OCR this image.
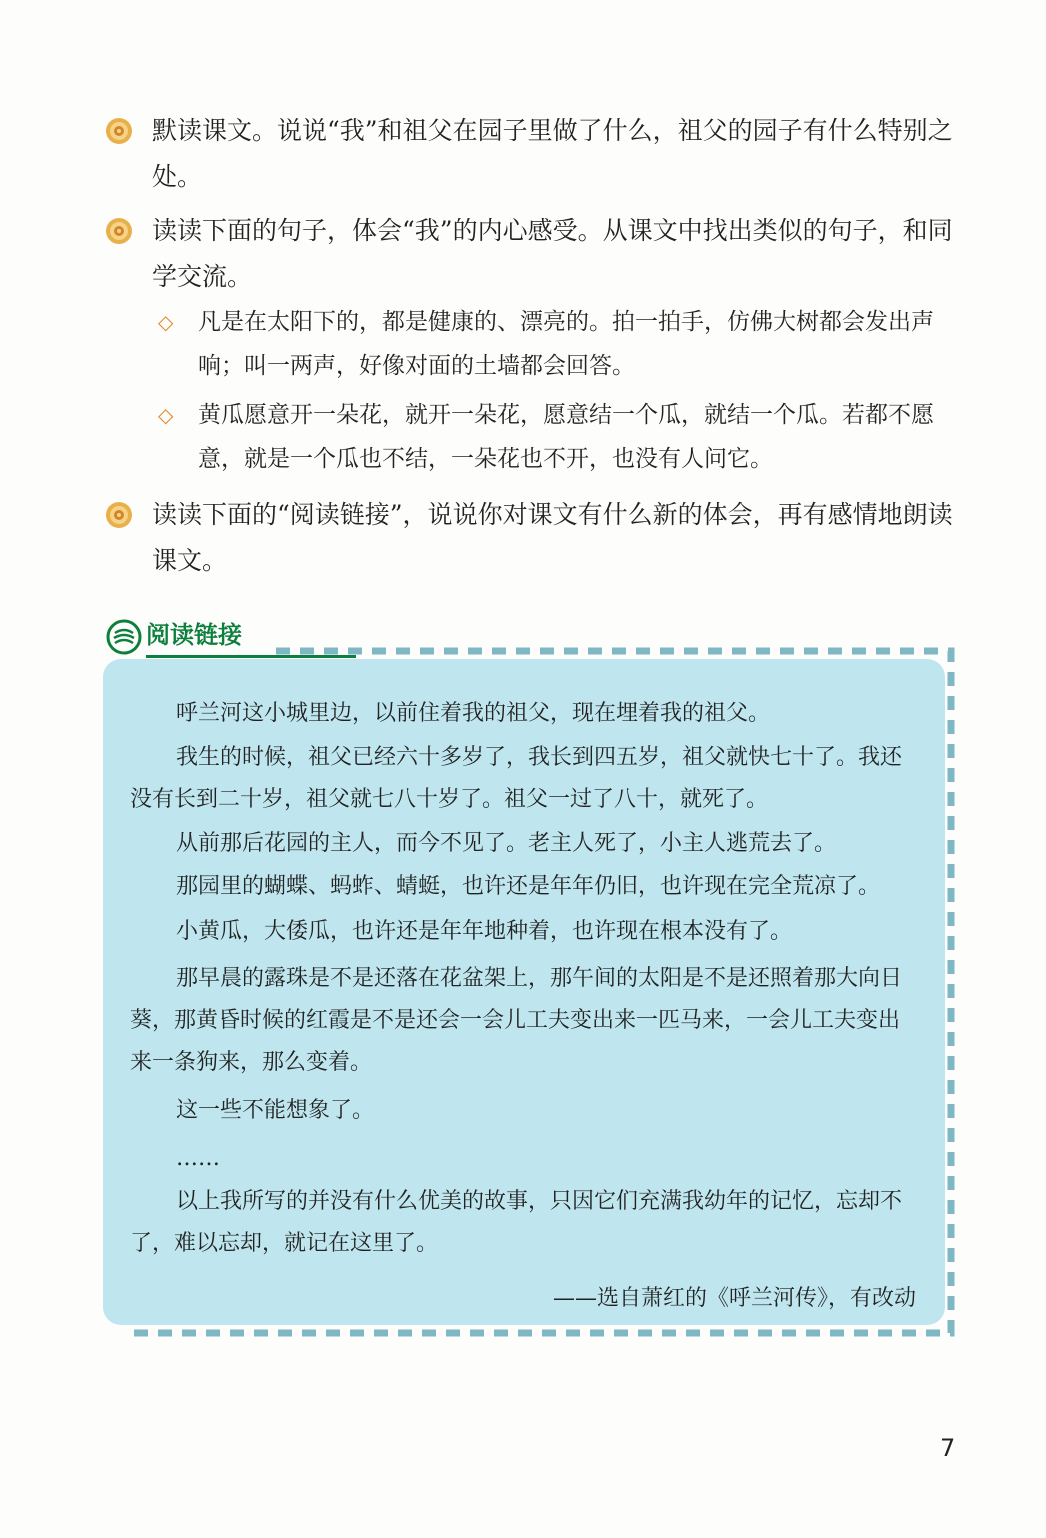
默读课文。说说“我”和祖父在园子里做了什么，祖父的园子有什么特别之处。
读读下面的句子，体会“我”的内心感受。从课文中找出类似的句子，和同学交流。
◇ 凡是在太阳下的，都是健康的、漂亮的。拍一拍手，仿佛大树都会发出声响；叫一两声，好像对面的土墙都会回答。
◇ 黄瓜愿意开一朵花，就开一朵花，愿意结一个瓜，就结一个瓜。若都不愿意，就是一个瓜也不结，一朵花也不开，也没有人问它。
读读下面的“阅读链接”，说说你对课文有什么新的体会，再有感情地朗读课文。
阅读链接
呼兰河这小城里边，以前住着我的祖父，现在埋着我的祖父。
我生的时候，祖父已经六十多岁了，我长到四五岁，祖父就快七十了。我还没有长到二十岁，祖父就七八十岁了。祖父一过了八十，就死了。
从前那后花园的主人，而今不见了。老主人死了，小主人逃荒去了。
那园里的蝴蝶、蚂蚱、蜻蜓，也许还是年年仍旧，也许现在完全荒凉了。
小黄瓜，大倭瓜，也许还是年年地种着，也许现在根本没有了。
那早晨的露珠是不是还落在花盆架上，那午间的太阳是不是还照着那大向日葵，那黄昏时候的红霞是不是还会一会儿工夫变出来一匹马来，一会儿工夫变出来一条狗来，那么变着。
这一些不能想象了。
……
以上我所写的并没有什么优美的故事，只因它们充满我幼年的记忆，忘却不了，难以忘却，就记在这里了。
——选自萧红的《呼兰河传》，有改动
7
